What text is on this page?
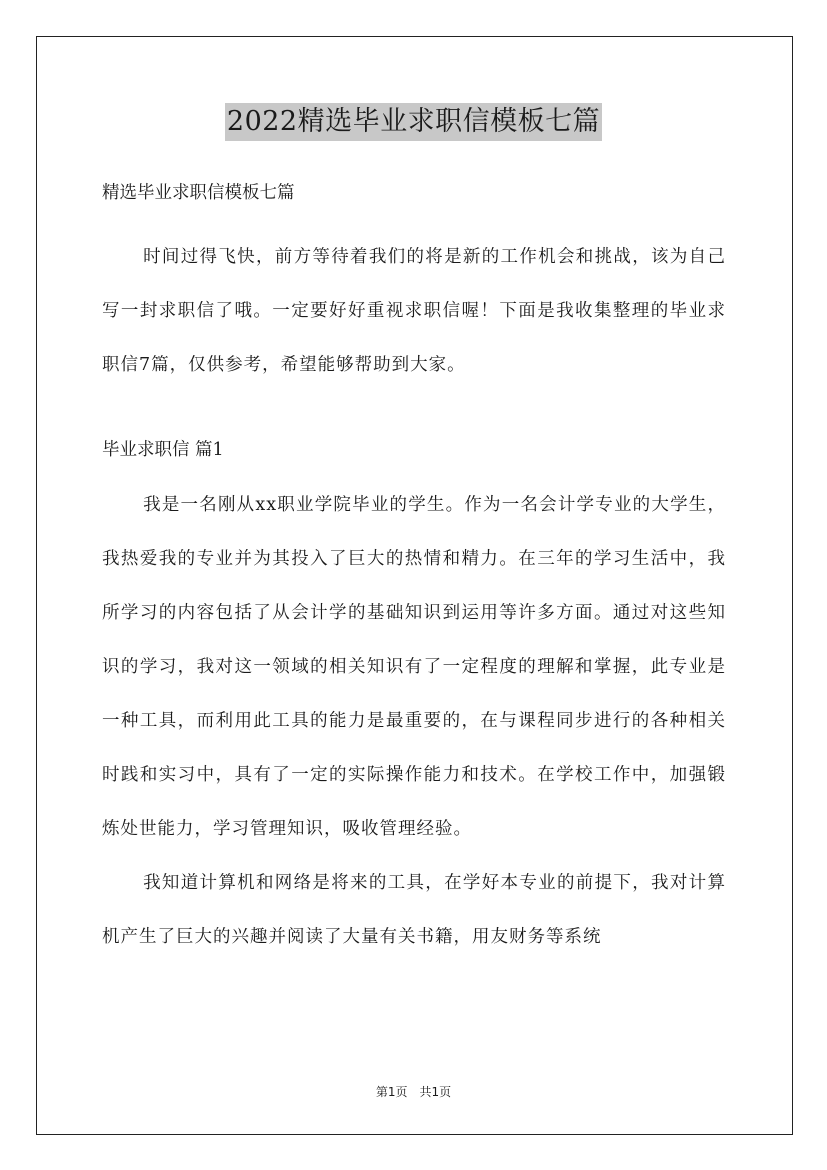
2022精选毕业求职信模板七篇
精选毕业求职信模板七篇

时间过得飞快，前方等待着我们的将是新的工作机会和挑战，该为自己写一封求职信了哦。一定要好好重视求职信喔！下面是我收集整理的毕业求职信7篇，仅供参考，希望能够帮助到大家。

毕业求职信 篇1

我是一名刚从xx职业学院毕业的学生。作为一名会计学专业的大学生，我热爱我的专业并为其投入了巨大的热情和精力。在三年的学习生活中，我所学习的内容包括了从会计学的基础知识到运用等许多方面。通过对这些知识的学习，我对这一领域的相关知识有了一定程度的理解和掌握，此专业是一种工具，而利用此工具的能力是最重要的，在与课程同步进行的各种相关时践和实习中，具有了一定的实际操作能力和技术。在学校工作中，加强锻炼处世能力，学习管理知识，吸收管理经验。

我知道计算机和网络是将来的工具，在学好本专业的前提下，我对计算机产生了巨大的兴趣并阅读了大量有关书籍，用友财务等系统

第1页　共1页
